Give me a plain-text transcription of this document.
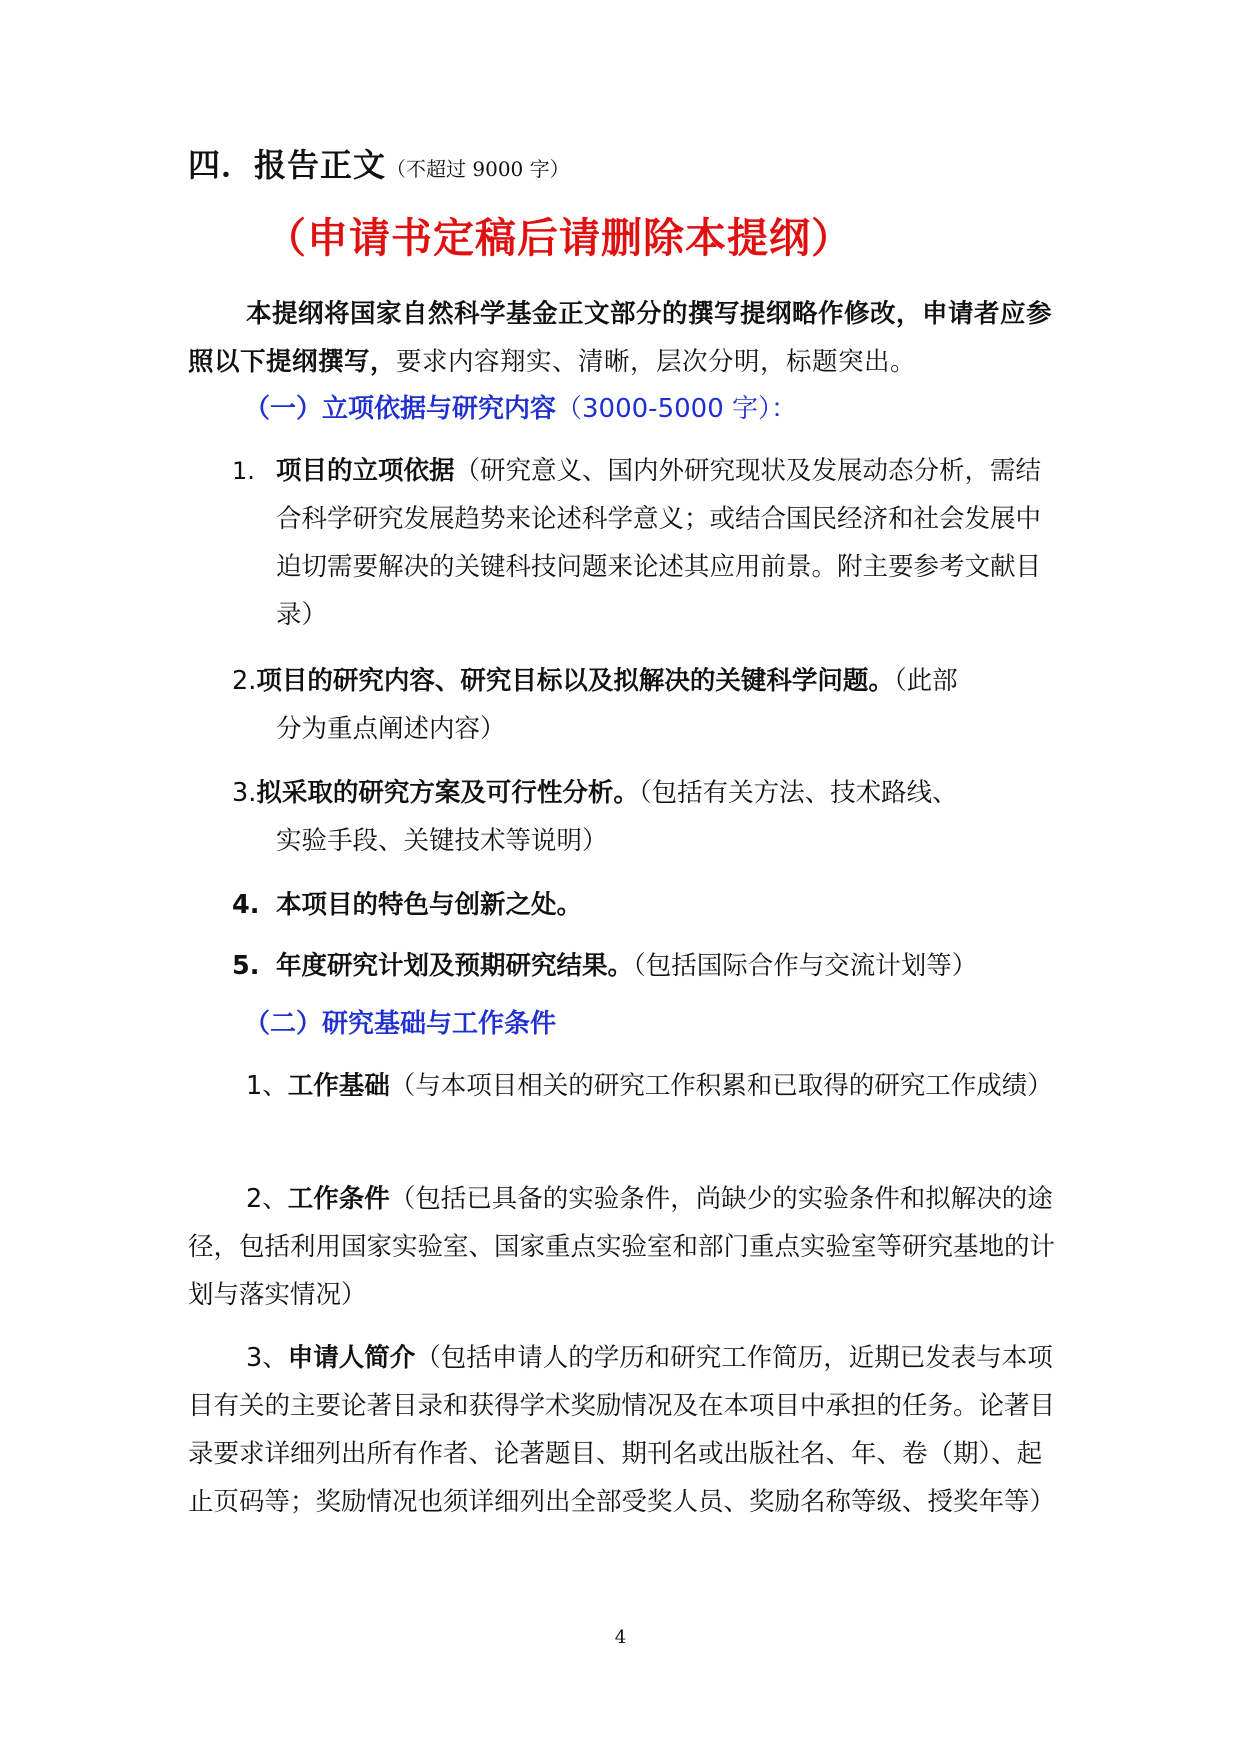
四．报告正文（不超过 9000 字）
（申请书定稿后请删除本提纲）
本提纲将国家自然科学基金正文部分的撰写提纲略作修改，申请者应参照以下提纲撰写，要求内容翔实、清晰，层次分明，标题突出。
（一）立项依据与研究内容（3000-5000 字）：
1. 项目的立项依据（研究意义、国内外研究现状及发展动态分析，需结合科学研究发展趋势来论述科学意义；或结合国民经济和社会发展中迫切需要解决的关键科技问题来论述其应用前景。附主要参考文献目录）
2.项目的研究内容、研究目标以及拟解决的关键科学问题。（此部
分为重点阐述内容）
3.拟采取的研究方案及可行性分析。（包括有关方法、技术路线、
实验手段、关键技术等说明）
4. 本项目的特色与创新之处。
5. 年度研究计划及预期研究结果。（包括国际合作与交流计划等）
（二）研究基础与工作条件
1、工作基础（与本项目相关的研究工作积累和已取得的研究工作成绩）
2、工作条件（包括已具备的实验条件，尚缺少的实验条件和拟解决的途径，包括利用国家实验室、国家重点实验室和部门重点实验室等研究基地的计划与落实情况）
3、申请人简介（包括申请人的学历和研究工作简历，近期已发表与本项目有关的主要论著目录和获得学术奖励情况及在本项目中承担的任务。论著目录要求详细列出所有作者、论著题目、期刊名或出版社名、年、卷（期）、起止页码等；奖励情况也须详细列出全部受奖人员、奖励名称等级、授奖年等）
4
